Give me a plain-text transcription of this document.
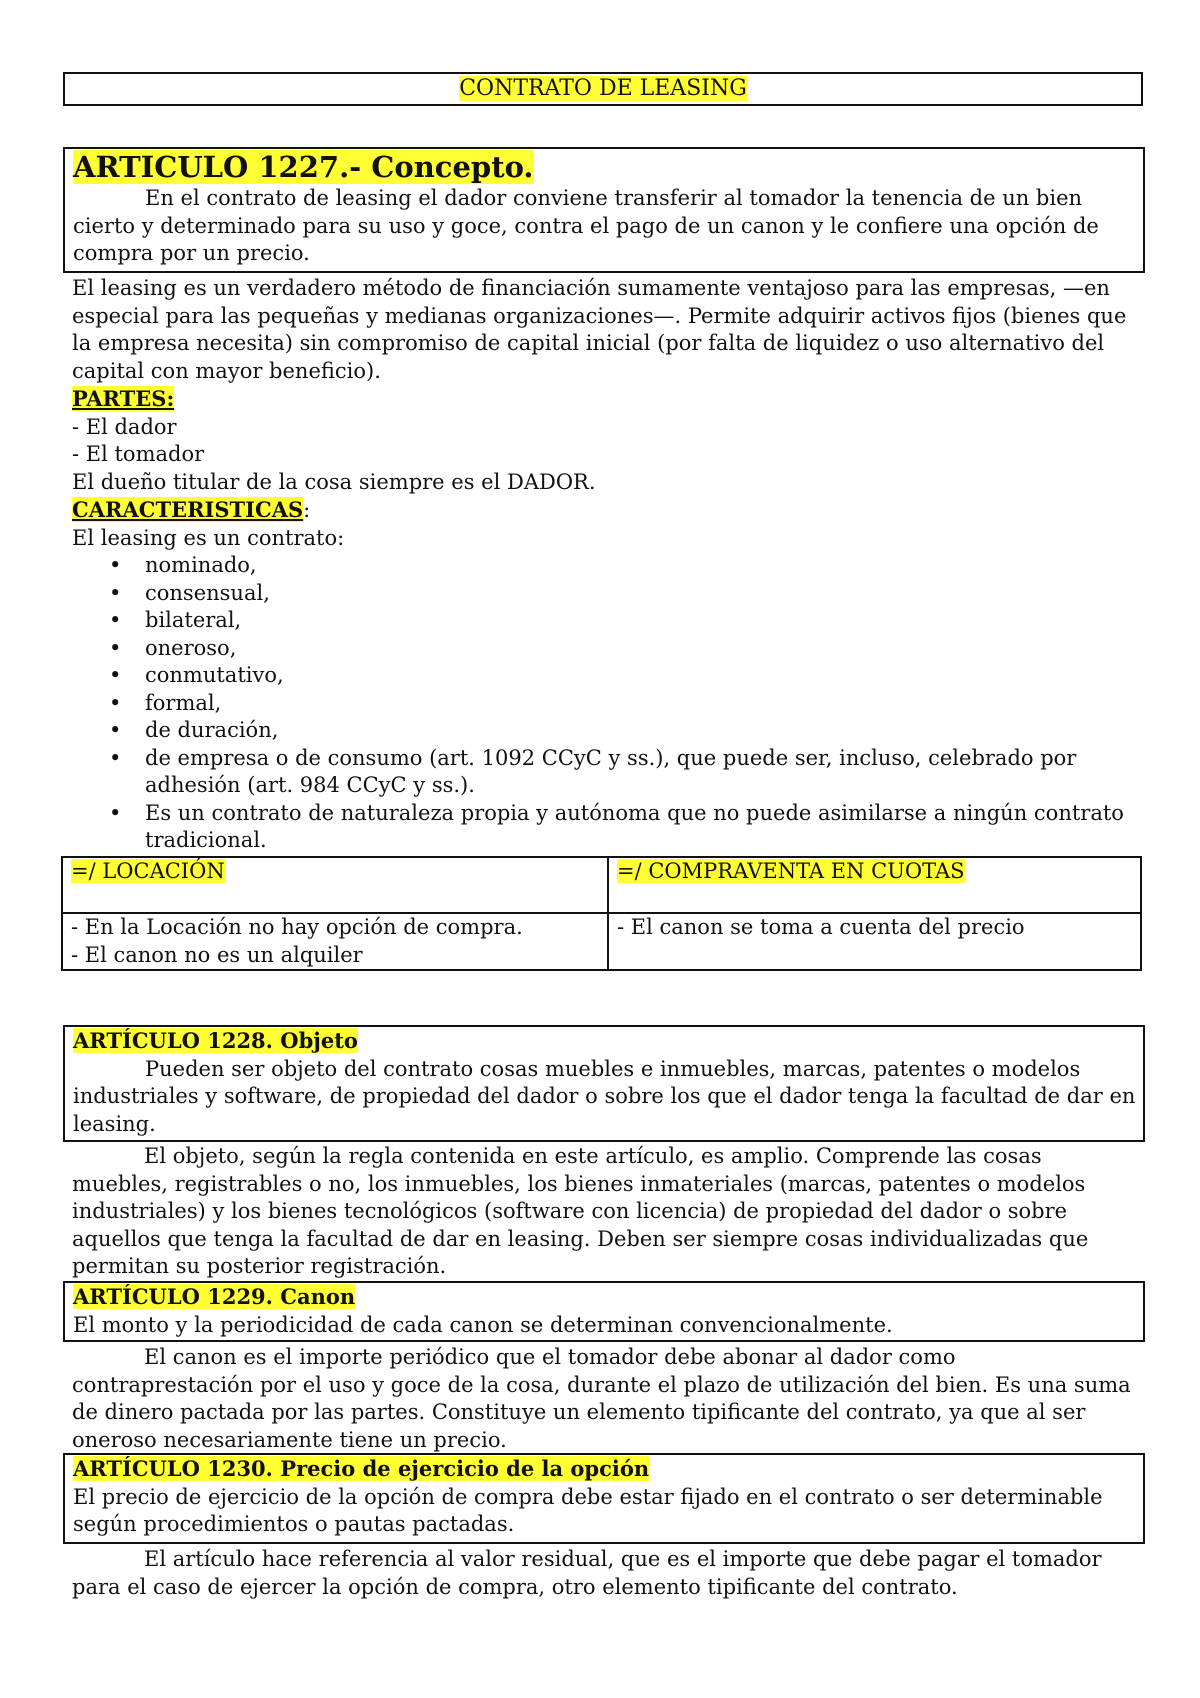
CONTRATO DE LEASING
ARTICULO 1227.- Concepto.
En el contrato de leasing el dador conviene transferir al tomador la tenencia de un bien cierto y determinado para su uso y goce, contra el pago de un canon y le confiere una opción de compra por un precio.
El leasing es un verdadero método de financiación sumamente ventajoso para las empresas, —en especial para las pequeñas y medianas organizaciones—. Permite adquirir activos fijos (bienes que la empresa necesita) sin compromiso de capital inicial (por falta de liquidez o uso alternativo del capital con mayor beneficio).
PARTES:
- El dador
- El tomador
El dueño titular de la cosa siempre es el DADOR.
CARACTERISTICAS:
El leasing es un contrato:
• nominado,
• consensual,
• bilateral,
• oneroso,
• conmutativo,
• formal,
• de duración,
• de empresa o de consumo (art. 1092 CCyC y ss.), que puede ser, incluso, celebrado por adhesión (art. 984 CCyC y ss.).
• Es un contrato de naturaleza propia y autónoma que no puede asimilarse a ningún contrato tradicional.
=/ LOCACIÓN	=/ COMPRAVENTA EN CUOTAS

- En la Locación no hay opción de compra.
- El canon no es un alquiler	- El canon se toma a cuenta del precio
ARTÍCULO 1228. Objeto
Pueden ser objeto del contrato cosas muebles e inmuebles, marcas, patentes o modelos industriales y software, de propiedad del dador o sobre los que el dador tenga la facultad de dar en leasing.
El objeto, según la regla contenida en este artículo, es amplio. Comprende las cosas muebles, registrables o no, los inmuebles, los bienes inmateriales (marcas, patentes o modelos industriales) y los bienes tecnológicos (software con licencia) de propiedad del dador o sobre aquellos que tenga la facultad de dar en leasing. Deben ser siempre cosas individualizadas que permitan su posterior registración.
ARTÍCULO 1229. Canon
El monto y la periodicidad de cada canon se determinan convencionalmente.
El canon es el importe periódico que el tomador debe abonar al dador como contraprestación por el uso y goce de la cosa, durante el plazo de utilización del bien. Es una suma de dinero pactada por las partes. Constituye un elemento tipificante del contrato, ya que al ser oneroso necesariamente tiene un precio.
ARTÍCULO 1230. Precio de ejercicio de la opción
El precio de ejercicio de la opción de compra debe estar fijado en el contrato o ser determinable según procedimientos o pautas pactadas.
El artículo hace referencia al valor residual, que es el importe que debe pagar el tomador para el caso de ejercer la opción de compra, otro elemento tipificante del contrato.
